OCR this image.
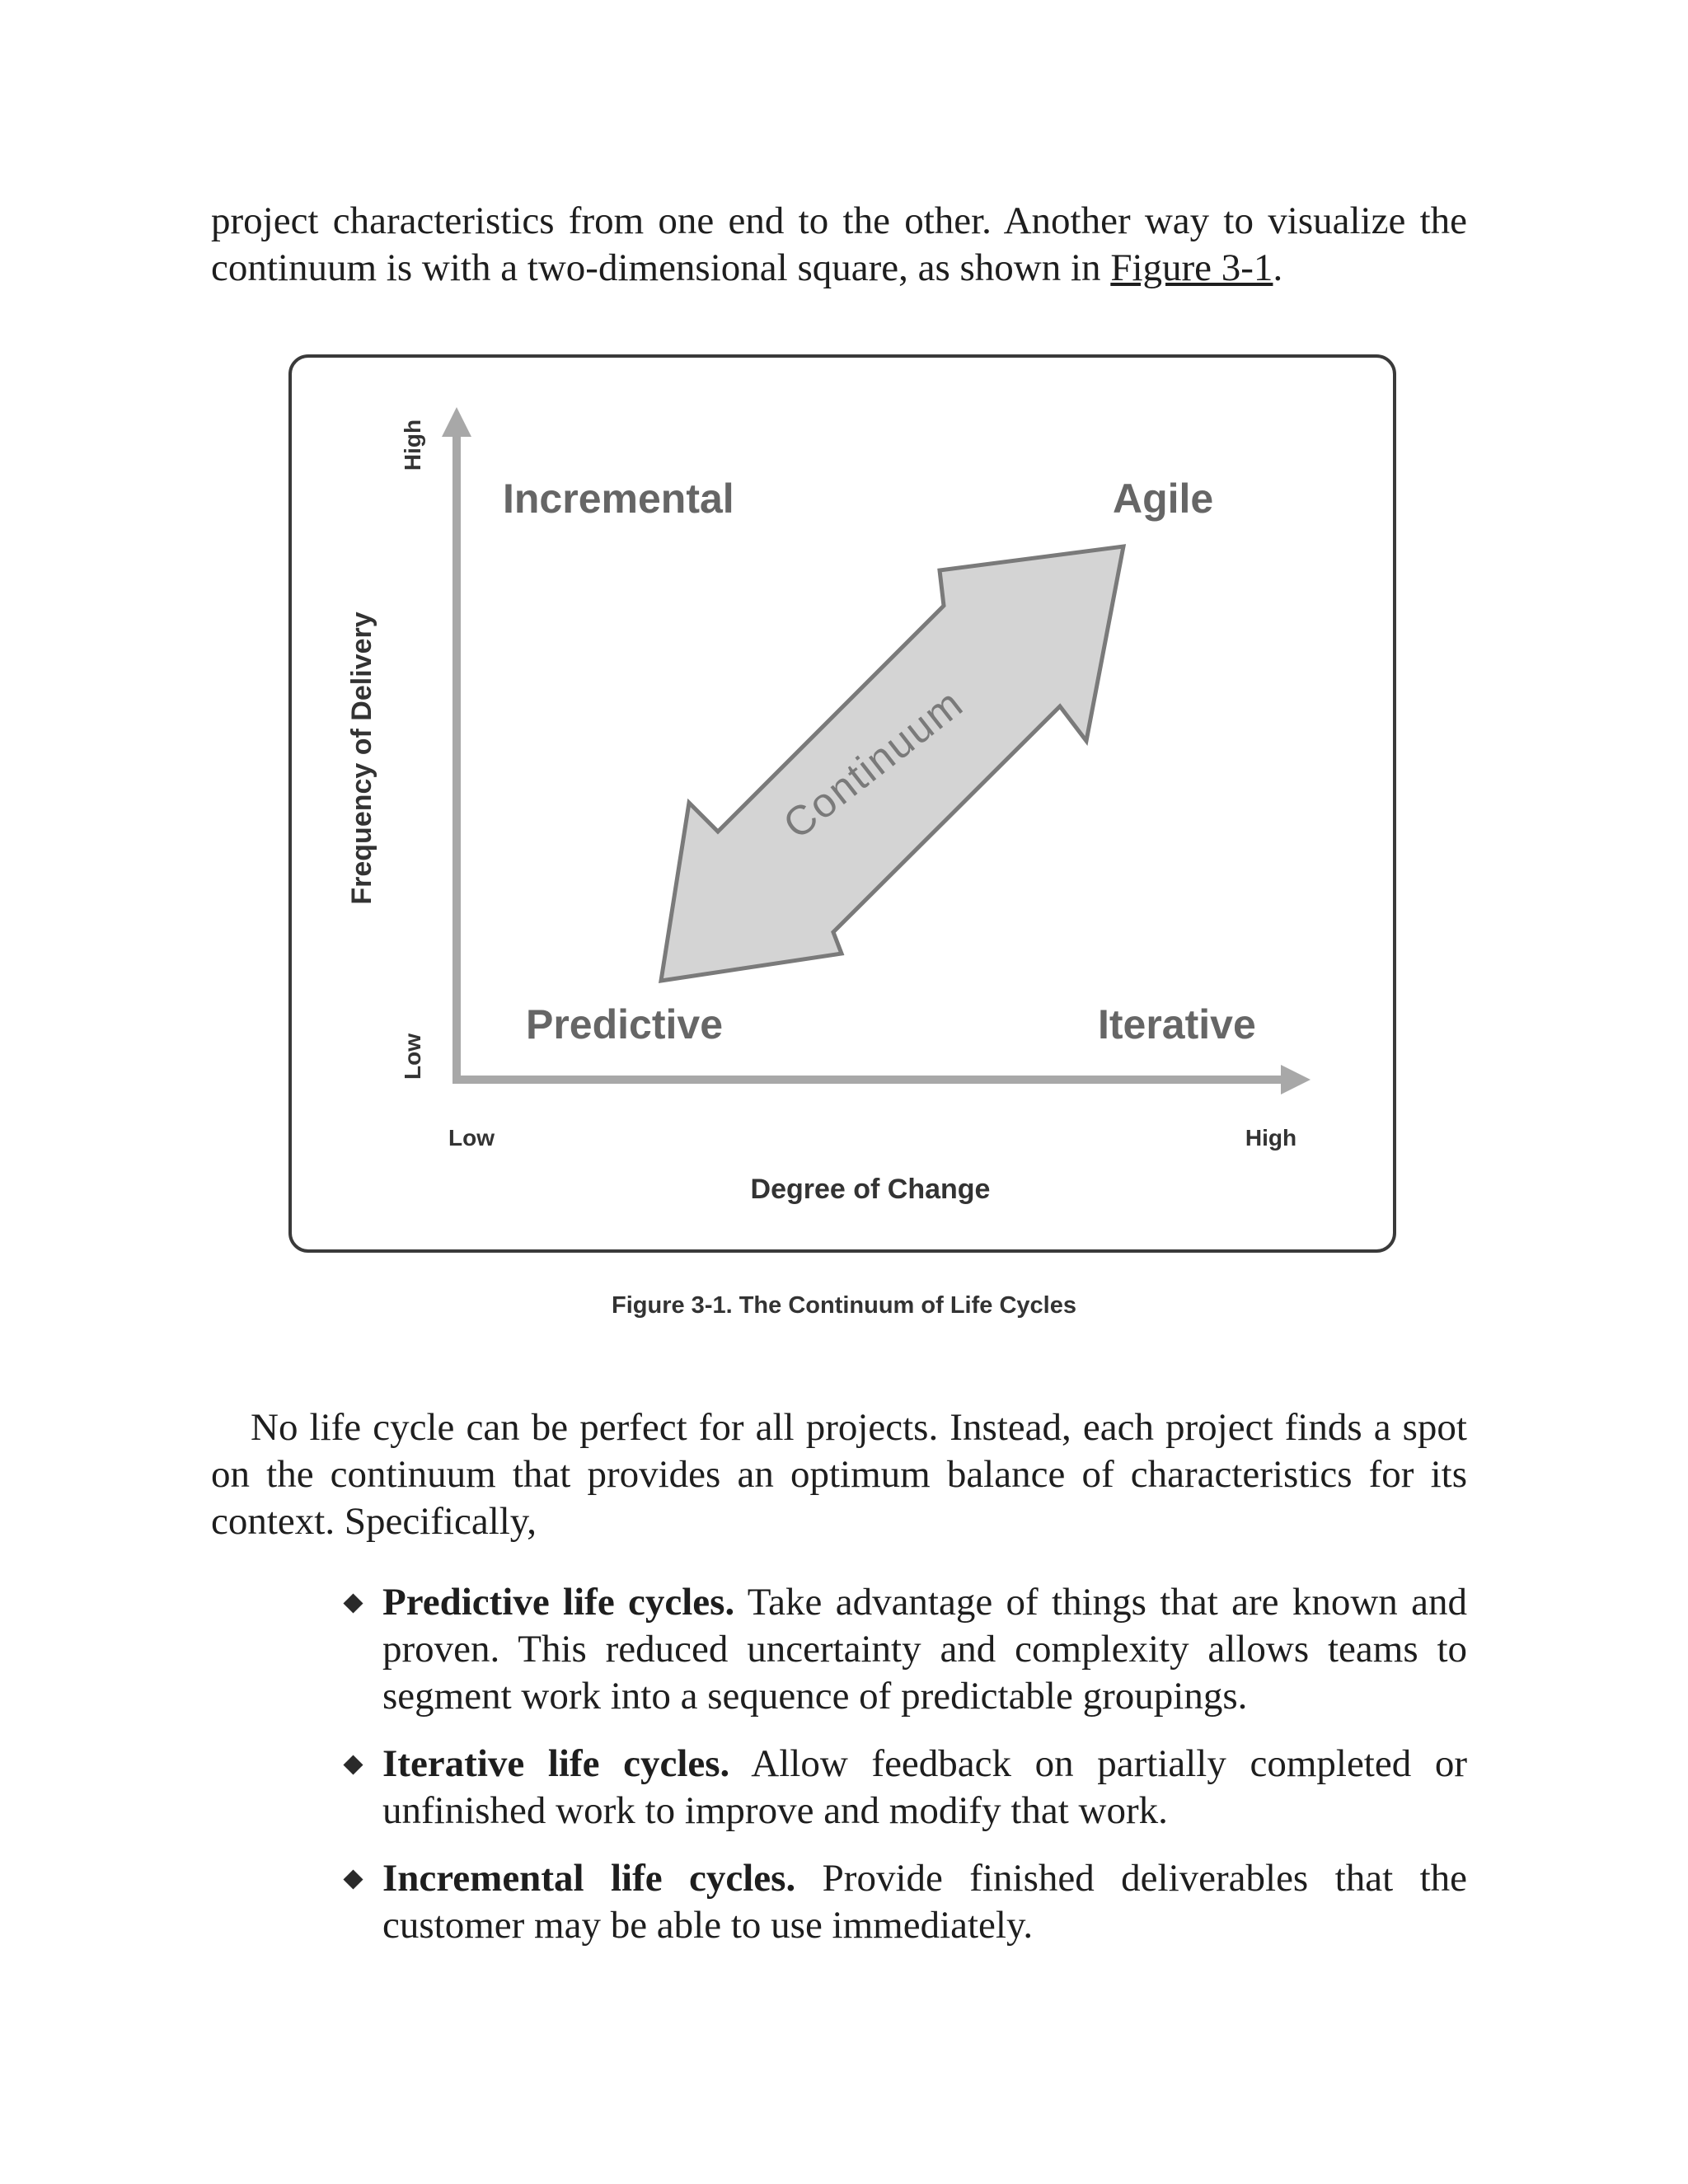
project characteristics from one end to the other. Another way to visualize the continuum is with a two-dimensional square, as shown in Figure 3-1.

Continuum
Incremental	Agile
Predictive	Iterative
Frequency of Delivery
High
Low
Low	High
Degree of Change
Figure 3-1. The Continuum of Life Cycles

No life cycle can be perfect for all projects. Instead, each project finds a spot on the continuum that provides an optimum balance of characteristics for its context. Specifically,

Predictive life cycles. Take advantage of things that are known and proven. This reduced uncertainty and complexity allows teams to segment work into a sequence of predictable groupings.
Iterative life cycles. Allow feedback on partially completed or unfinished work to improve and modify that work.
Incremental life cycles. Provide finished deliverables that the customer may be able to use immediately.
